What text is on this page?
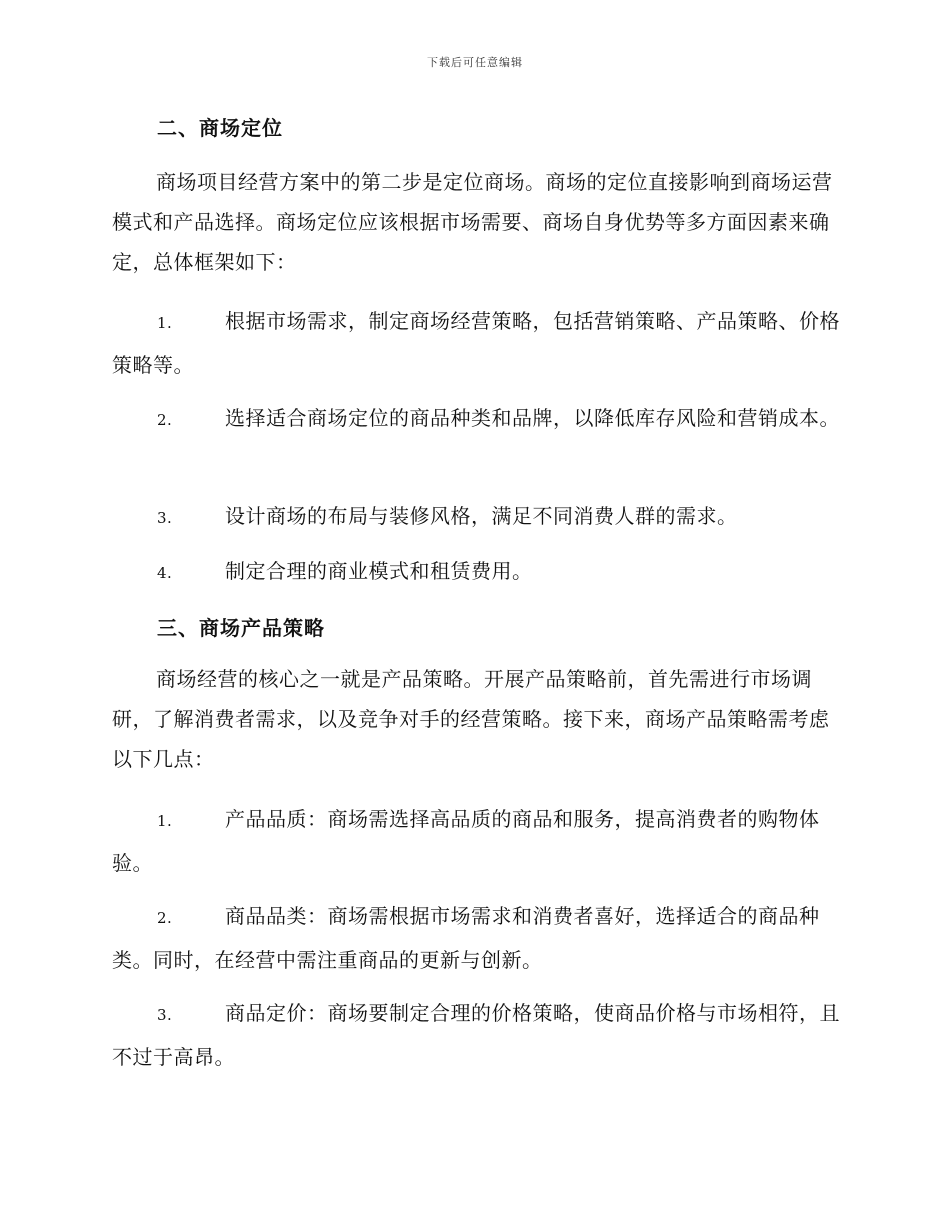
下载后可任意编辑
二、商场定位
商场项目经营方案中的第二步是定位商场。商场的定位直接影响到商场运营模式和产品选择。商场定位应该根据市场需要、商场自身优势等多方面因素来确定，总体框架如下：
1.	根据市场需求，制定商场经营策略，包括营销策略、产品策略、价格策略等。
2.	选择适合商场定位的商品种类和品牌，以降低库存风险和营销成本。
3.	设计商场的布局与装修风格，满足不同消费人群的需求。
4.	制定合理的商业模式和租赁费用。
三、商场产品策略
商场经营的核心之一就是产品策略。开展产品策略前，首先需进行市场调研，了解消费者需求，以及竞争对手的经营策略。接下来，商场产品策略需考虑以下几点：
1.	产品品质：商场需选择高品质的商品和服务，提高消费者的购物体验。
2.	商品品类：商场需根据市场需求和消费者喜好，选择适合的商品种类。同时，在经营中需注重商品的更新与创新。
3.	商品定价：商场要制定合理的价格策略，使商品价格与市场相符，且不过于高昂。
